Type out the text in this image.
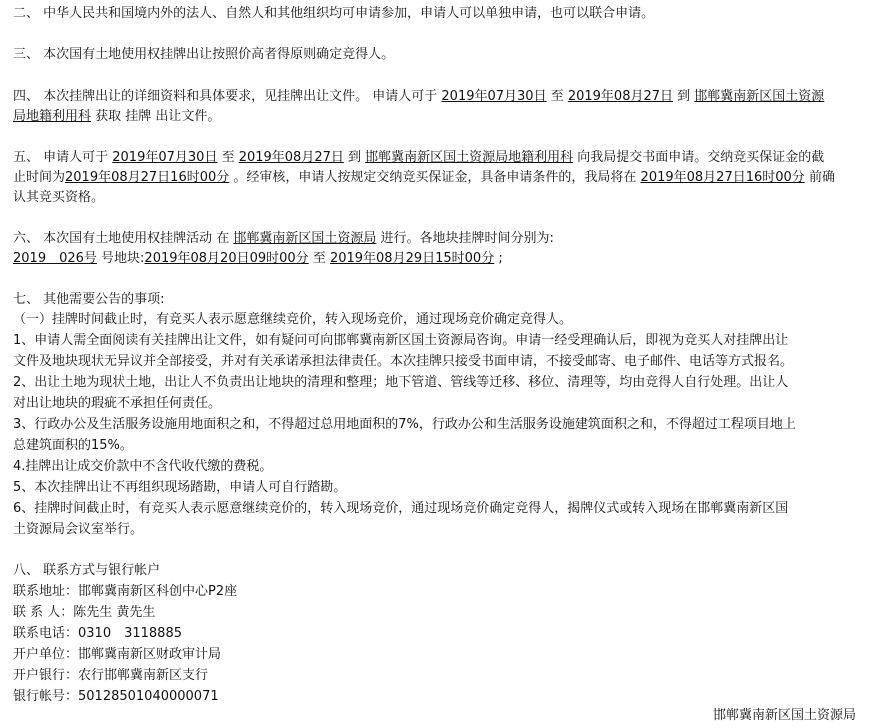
二、 中华人民共和国境内外的法人、自然人和其他组织均可申请参加，申请人可以单独申请，也可以联合申请。
三、 本次国有土地使用权挂牌出让按照价高者得原则确定竞得人。
四、 本次挂牌出让的详细资料和具体要求，见挂牌出让文件。 申请人可于 2019年07月30日 至 2019年08月27日 到 邯郸冀南新区国土资源
局地籍利用科 获取 挂牌 出让文件。
五、 申请人可于 2019年07月30日 至 2019年08月27日 到 邯郸冀南新区国土资源局地籍利用科 向我局提交书面申请。交纳竞买保证金的截
止时间为2019年08月27日16时00分 。经审核，申请人按规定交纳竞买保证金，具备申请条件的，我局将在 2019年08月27日16时00分 前确
认其竞买资格。
六、 本次国有土地使用权挂牌活动 在 邯郸冀南新区国土资源局 进行。各地块挂牌时间分别为:
2019　026号 号地块:2019年08月20日09时00分 至 2019年08月29日15时00分 ;
七、 其他需要公告的事项:
（一）挂牌时间截止时，有竞买人表示愿意继续竞价，转入现场竞价，通过现场竞价确定竞得人。
1、申请人需全面阅读有关挂牌出让文件，如有疑问可向邯郸冀南新区国土资源局咨询。申请一经受理确认后，即视为竞买人对挂牌出让
文件及地块现状无异议并全部接受，并对有关承诺承担法律责任。本次挂牌只接受书面申请，不接受邮寄、电子邮件、电话等方式报名。
2、出让土地为现状土地，出让人不负责出让地块的清理和整理；地下管道、管线等迁移、移位、清理等，均由竞得人自行处理。出让人
对出让地块的瑕疵不承担任何责任。
3、行政办公及生活服务设施用地面积之和，不得超过总用地面积的7%，行政办公和生活服务设施建筑面积之和，不得超过工程项目地上
总建筑面积的15%。
4.挂牌出让成交价款中不含代收代缴的费税。
5、本次挂牌出让不再组织现场踏勘，申请人可自行踏勘。
6、挂牌时间截止时，有竞买人表示愿意继续竞价的，转入现场竞价，通过现场竞价确定竞得人，揭牌仪式或转入现场在邯郸冀南新区国
土资源局会议室举行。
八、 联系方式与银行帐户
联系地址：邯郸冀南新区科创中心P2座
联 系 人：陈先生 黄先生
联系电话：0310　3118885
开户单位：邯郸冀南新区财政审计局
开户银行：农行邯郸冀南新区支行
银行帐号：50128501040000071
邯郸冀南新区国土资源局
